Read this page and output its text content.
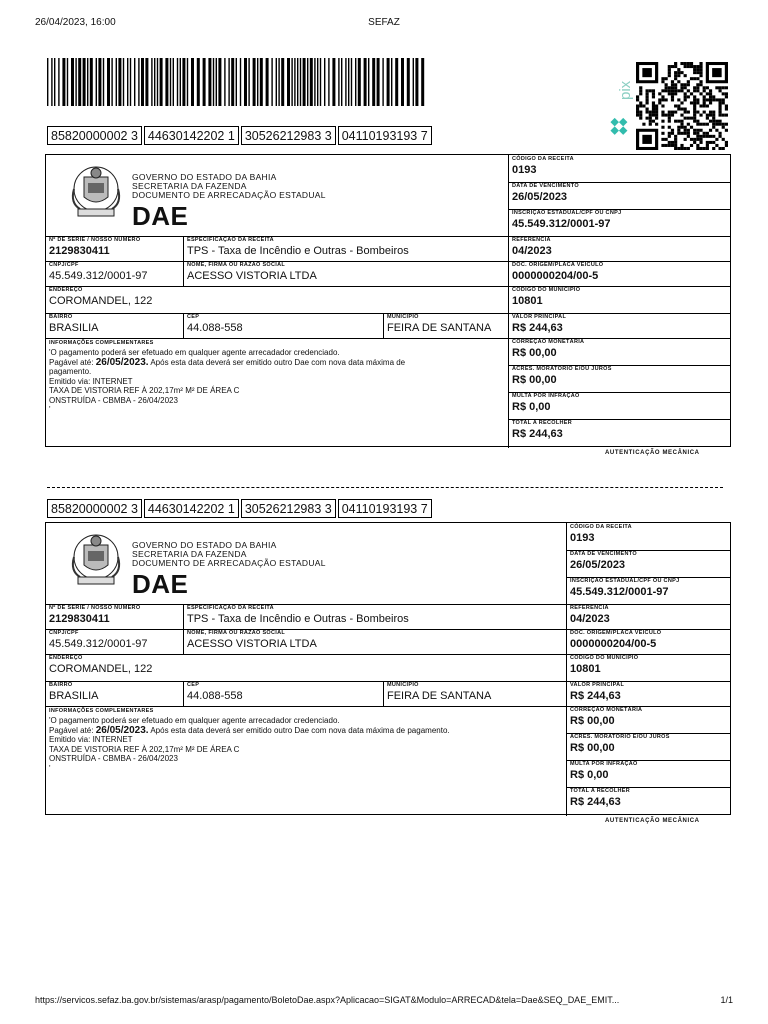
26/04/2023, 16:00	SEFAZ
pix
85820000002 3 44630142202 1 30526212983 3 04110193193 7
GOVERNO DO ESTADO DA BAHIA
SECRETARIA DA FAZENDA
DOCUMENTO DE ARRECADAÇÃO ESTADUAL
DAE
CÓDIGO DA RECEITA
0193
DATA DE VENCIMENTO
26/05/2023
INSCRIÇÃO ESTADUAL/CPF OU CNPJ
45.549.312/0001-97
Nº DE SÉRIE / NOSSO NÚMERO
2129830411
ESPECIFICAÇÃO DA RECEITA
TPS - Taxa de Incêndio e Outras - Bombeiros
REFERÊNCIA
04/2023
CNPJ/CPF
45.549.312/0001-97
NOME, FIRMA OU RAZÃO SOCIAL
ACESSO VISTORIA LTDA
DOC. ORIGEM/PLACA VEÍCULO
0000000204/00-5
ENDEREÇO
COROMANDEL, 122
CÓDIGO DO MUNICÍPIO
10801
BAIRRO
BRASILIA
CEP
44.088-558
MUNICÍPIO
FEIRA DE SANTANA
VALOR PRINCIPAL
R$ 244,63
INFORMAÇÕES COMPLEMENTARES
'O pagamento poderá ser efetuado em qualquer agente arrecadador credenciado.
Pagável até: 26/05/2023. Após esta data deverá ser emitido outro Dae com nova data máxima de
pagamento.
Emitido via: INTERNET
TAXA DE VISTORIA REF À 202,17m² M² DE ÁREA C
ONSTRUÍDA - CBMBA - 26/04/2023
'
CORREÇÃO MONETÁRIA
R$ 00,00
ACRÉS. MORATÓRIO E/OU JUROS
R$ 00,00
MULTA POR INFRAÇÃO
R$ 0,00
TOTAL A RECOLHER
R$ 244,63
AUTENTICAÇÃO MECÂNICA
85820000002 3 44630142202 1 30526212983 3 04110193193 7
GOVERNO DO ESTADO DA BAHIA
SECRETARIA DA FAZENDA
DOCUMENTO DE ARRECADAÇÃO ESTADUAL
DAE
CÓDIGO DA RECEITA
0193
DATA DE VENCIMENTO
26/05/2023
INSCRIÇÃO ESTADUAL/CPF OU CNPJ
45.549.312/0001-97
Nº DE SÉRIE / NOSSO NÚMERO
2129830411
ESPECIFICAÇÃO DA RECEITA
TPS - Taxa de Incêndio e Outras - Bombeiros
REFERÊNCIA
04/2023
CNPJ/CPF
45.549.312/0001-97
NOME, FIRMA OU RAZÃO SOCIAL
ACESSO VISTORIA LTDA
DOC. ORIGEM/PLACA VEÍCULO
0000000204/00-5
ENDEREÇO
COROMANDEL, 122
CÓDIGO DO MUNICÍPIO
10801
BAIRRO
BRASILIA
CEP
44.088-558
MUNICÍPIO
FEIRA DE SANTANA
VALOR PRINCIPAL
R$ 244,63
INFORMAÇÕES COMPLEMENTARES
'O pagamento poderá ser efetuado em qualquer agente arrecadador credenciado.
Pagável até: 26/05/2023. Após esta data deverá ser emitido outro Dae com nova data máxima de pagamento.
Emitido via: INTERNET
TAXA DE VISTORIA REF À 202,17m² M² DE ÁREA C
ONSTRUÍDA - CBMBA - 26/04/2023
'
CORREÇÃO MONETÁRIA
R$ 00,00
ACRÉS. MORATÓRIO E/OU JUROS
R$ 00,00
MULTA POR INFRAÇÃO
R$ 0,00
TOTAL A RECOLHER
R$ 244,63
AUTENTICAÇÃO MECÂNICA
https://servicos.sefaz.ba.gov.br/sistemas/arasp/pagamento/BoletoDae.aspx?Aplicacao=SIGAT&Modulo=ARRECAD&tela=Dae&SEQ_DAE_EMIT...	1/1
